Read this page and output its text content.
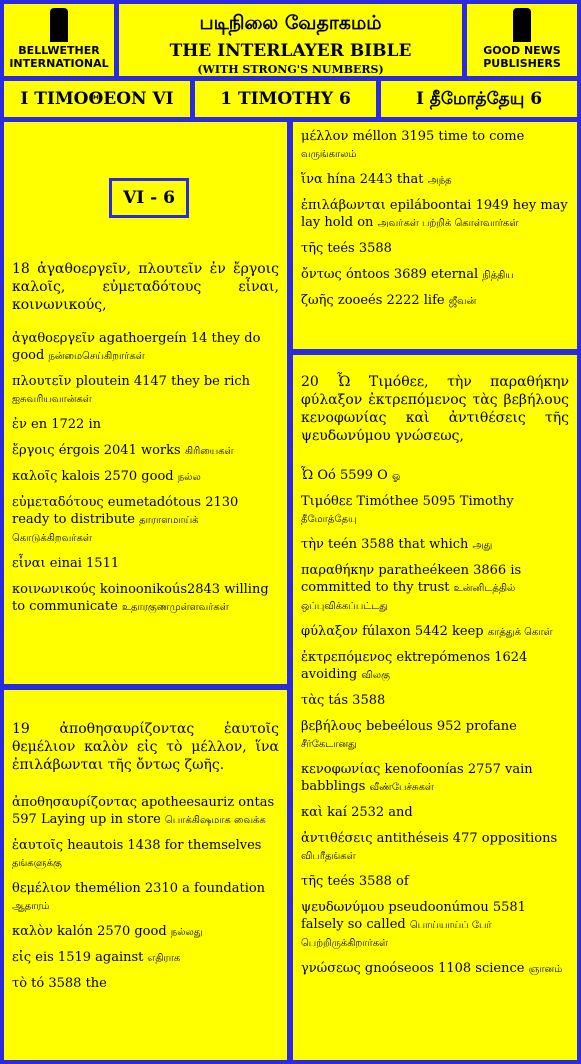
BELLWETHER
INTERNATIONAL
படிநிலை வேதாகமம்
THE INTERLAYER BIBLE
(WITH STRONG'S NUMBERS)
GOOD NEWS
PUBLISHERS
I TIMOΘEON VI	1 TIMOTHY 6	I தீமோத்தேயு 6
VI - 6
18 ἀγαθοεργεῖν, πλουτεῖν ἐν ἔργοις καλοῖς, εὐμεταδότους εἶναι, κοινωνικούς,
ἀγαθοεργεῖν agathoergeín 14 they do good நன்மைசெய்கிறார்கள்
πλουτεῖν ploutein 4147 they be rich ஐசுவரியவான்கள்
ἐν en 1722 in
ἔργοις érgois 2041 works கிரியைகள்
καλοῖς kalois 2570 good நல்ல
εὐμεταδότους eumetadótous 2130 ready to distribute தாராளமாய்க் கொடுக்கிறவர்கள்
εἶναι einai 1511
κοινωνικούς koinoonikoús2843 willing to communicate உதாரகுணமுள்ளவர்கள்
19 ἀποθησαυρίζοντας ἑαυτοῖς θεμέλιον καλὸν εἰς τὸ μέλλον, ἵνα ἐπιλάβωνται τῆς ὄντως ζωῆς.
ἀποθησαυρίζοντας apotheesauriz ontas 597 Laying up in store பொக்கிஷமாக வைக்க
ἑαυτοῖς heautois 1438 for themselves தங்களுக்கு
θεμέλιον themélion 2310 a foundation ஆதாரம்
καλὸν kalón 2570 good நல்லது
εἰς eis 1519 against எதிராக
τὸ tó 3588 the
μέλλον méllon 3195 time to come வருங்காலம்
ἵνα hína 2443 that அந்த
ἐπιλάβωνται epiláboontai 1949 hey may lay hold on அவர்கள் பற்றிக் கொள்வார்கள்
τῆς teés 3588
ὄντως óntoos 3689 eternal நித்திய
ζωῆς zooeés 2222 life ஜீவன்
20 Ὦ Τιμόθεε, τὴν παραθήκην φύλαξον ἐκτρεπόμενος τὰς βεβήλους κενοφωνίας καὶ ἀντιθέσεις τῆς ψευδωνύμου γνώσεως,
Ὦ Oó 5599 O ஓ
Τιμόθεε Timóthee 5095 Timothy தீமோத்தேயு
τὴν teén 3588 that which அது
παραθήκην paratheékeen 3866 is committed to thy trust உன்னிடத்தில் ஒப்புவிக்கப்பட்டது
φύλαξον fúlaxon 5442 keep காத்துக் கொள்
ἐκτρεπόμενος ektrepómenos 1624 avoiding விலகு
τὰς tás 3588
βεβήλους bebeélous 952 profane சீர்கேடானது
κενοφωνίας kenofoonías 2757 vain babblings வீண்பேச்சுகள்
καὶ kaí 2532 and
ἀντιθέσεις antithéseis 477 oppositions விபரீதங்கள்
τῆς teés 3588 of
ψευδωνύμου pseudoonúmou 5581 falsely so called பொய்யாய்ப் பேர் பெற்றிருக்கிறார்கள்
γνώσεως gnoóseoos 1108 science ஞானம்
